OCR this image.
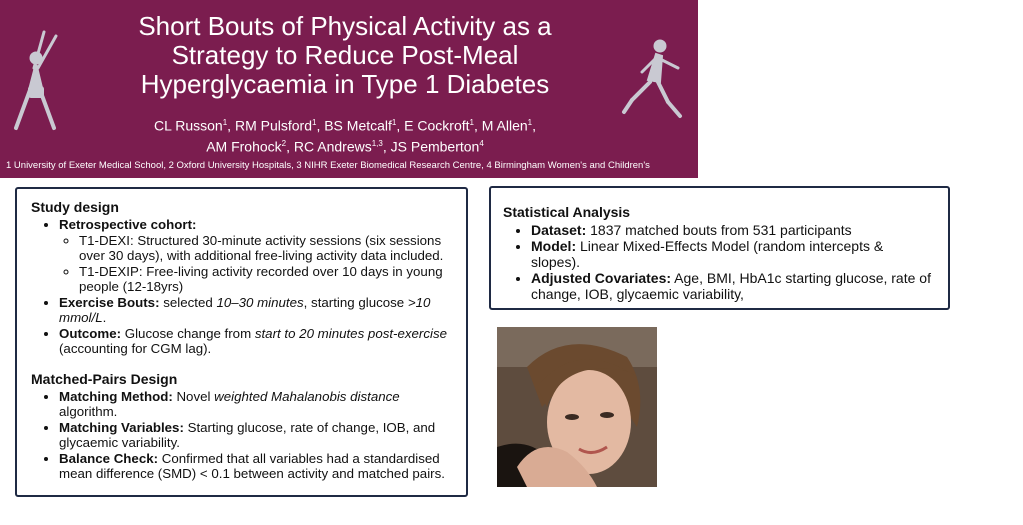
Short Bouts of Physical Activity as a Strategy to Reduce Post-Meal Hyperglycaemia in Type 1 Diabetes
CL Russon$^1$, RM Pulsford$^1$, BS Metcalf$^1$, E Cockroft$^1$, M Allen$^1$,
AM Frohock$^2$, RC Andrews$^{1,3}$, JS Pemberton$^4$
1 University of Exeter Medical School, 2 Oxford University Hospitals, 3 NIHR Exeter Biomedical Research Centre, 4 Birmingham Women's and Children's
Study design
• Retrospective cohort:
◦ T1-DEXI: Structured 30-minute activity sessions (six sessions over 30 days), with additional free-living activity data included.
◦ T1-DEXIP: Free-living activity recorded over 10 days in young people (12-18yrs)
• Exercise Bouts: selected 10–30 minutes, starting glucose >10 mmol/L.
• Outcome: Glucose change from start to 20 minutes post-exercise (accounting for CGM lag).
Matched-Pairs Design
• Matching Method: Novel weighted Mahalanobis distance algorithm.
• Matching Variables: Starting glucose, rate of change, IOB, and glycaemic variability.
• Balance Check: Confirmed that all variables had a standardised mean difference (SMD) < 0.1 between activity and matched pairs.
Statistical Analysis
• Dataset: 1837 matched bouts from 531 participants
• Model: Linear Mixed-Effects Model (random intercepts & slopes).
• Adjusted Covariates: Age, BMI, HbA1c starting glucose, rate of change, IOB, glycaemic variability,
